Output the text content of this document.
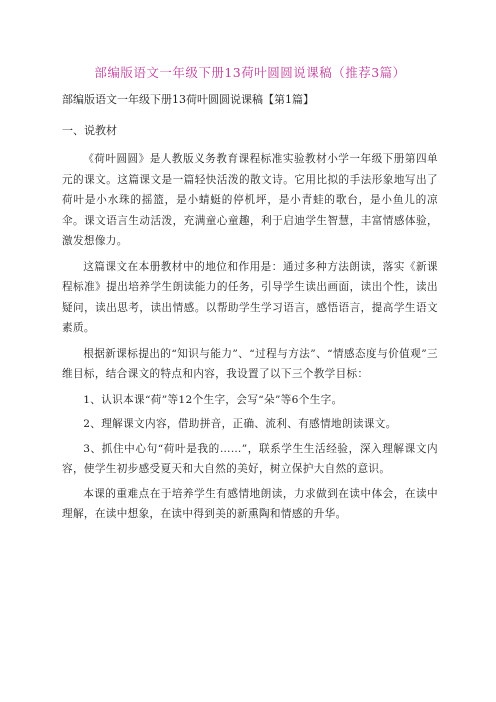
部编版语文一年级下册13荷叶圆圆说课稿（推荐3篇）
部编版语文一年级下册13荷叶圆圆说课稿【第1篇】
一、说教材

《荷叶圆圆》是人教版义务教育课程标准实验教材小学一年级下册第四单元的课文。这篇课文是一篇轻快活泼的散文诗。它用比拟的手法形象地写出了荷叶是小水珠的摇篮，是小蜻蜓的停机坪，是小青蛙的歌台，是小鱼儿的凉伞。课文语言生动活泼，充满童心童趣，利于启迪学生智慧，丰富情感体验，激发想像力。

这篇课文在本册教材中的地位和作用是：通过多种方法朗读，落实《新课程标准》提出培养学生朗读能力的任务，引导学生读出画面，读出个性，读出疑问，读出思考，读出情感。以帮助学生学习语言，感悟语言，提高学生语文素质。

根据新课标提出的“知识与能力”、“过程与方法”、“情感态度与价值观”三维目标，结合课文的特点和内容，我设置了以下三个教学目标：

1、认识本课“荷”等12个生字，会写“朵”等6个生字。

2、理解课文内容，借助拼音，正确、流利、有感情地朗读课文。

3、抓住中心句“荷叶是我的……”，联系学生生活经验，深入理解课文内容，使学生初步感受夏天和大自然的美好，树立保护大自然的意识。

本课的重难点在于培养学生有感情地朗读，力求做到在读中体会，在读中理解，在读中想象，在读中得到美的新熏陶和情感的升华。
